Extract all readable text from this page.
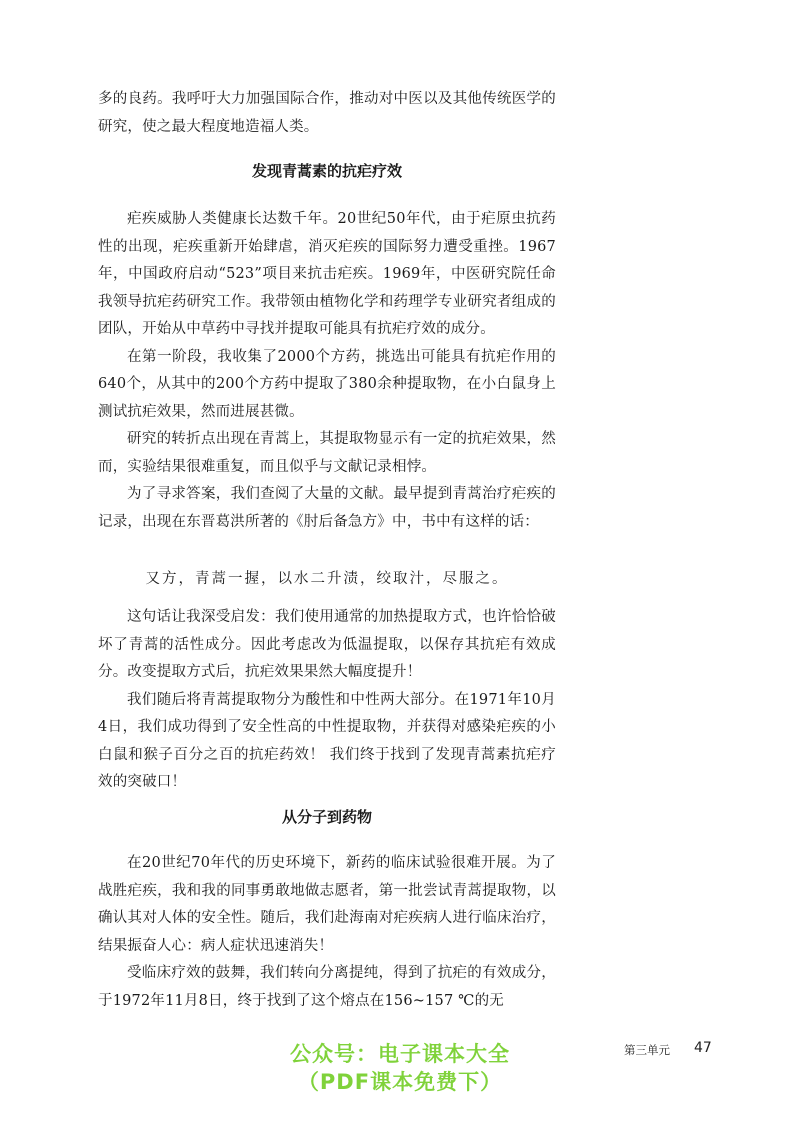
多的良药。我呼吁大力加强国际合作，推动对中医以及其他传统医学的研究，使之最大程度地造福人类。

发现青蒿素的抗疟疗效

疟疾威胁人类健康长达数千年。20世纪50年代，由于疟原虫抗药性的出现，疟疾重新开始肆虐，消灭疟疾的国际努力遭受重挫。1967年，中国政府启动“523”项目来抗击疟疾。1969年，中医研究院任命我领导抗疟药研究工作。我带领由植物化学和药理学专业研究者组成的团队，开始从中草药中寻找并提取可能具有抗疟疗效的成分。

在第一阶段，我收集了2000个方药，挑选出可能具有抗疟作用的640个，从其中的200个方药中提取了380余种提取物，在小白鼠身上测试抗疟效果，然而进展甚微。

研究的转折点出现在青蒿上，其提取物显示有一定的抗疟效果，然而，实验结果很难重复，而且似乎与文献记录相悖。

为了寻求答案，我们查阅了大量的文献。最早提到青蒿治疗疟疾的记录，出现在东晋葛洪所著的《肘后备急方》中，书中有这样的话：

又方，青蒿一握，以水二升渍，绞取汁，尽服之。

这句话让我深受启发：我们使用通常的加热提取方式，也许恰恰破坏了青蒿的活性成分。因此考虑改为低温提取，以保存其抗疟有效成分。改变提取方式后，抗疟效果果然大幅度提升！

我们随后将青蒿提取物分为酸性和中性两大部分。在1971年10月4日，我们成功得到了安全性高的中性提取物，并获得对感染疟疾的小白鼠和猴子百分之百的抗疟药效！ 我们终于找到了发现青蒿素抗疟疗效的突破口！

从分子到药物

在20世纪70年代的历史环境下，新药的临床试验很难开展。为了战胜疟疾，我和我的同事勇敢地做志愿者，第一批尝试青蒿提取物，以确认其对人体的安全性。随后，我们赴海南对疟疾病人进行临床治疗，结果振奋人心：病人症状迅速消失！

受临床疗效的鼓舞，我们转向分离提纯，得到了抗疟的有效成分，于1972年11月8日，终于找到了这个熔点在156~157 ℃的无

公众号：电子课本大全
（PDF课本免费下）
第三单元 47
